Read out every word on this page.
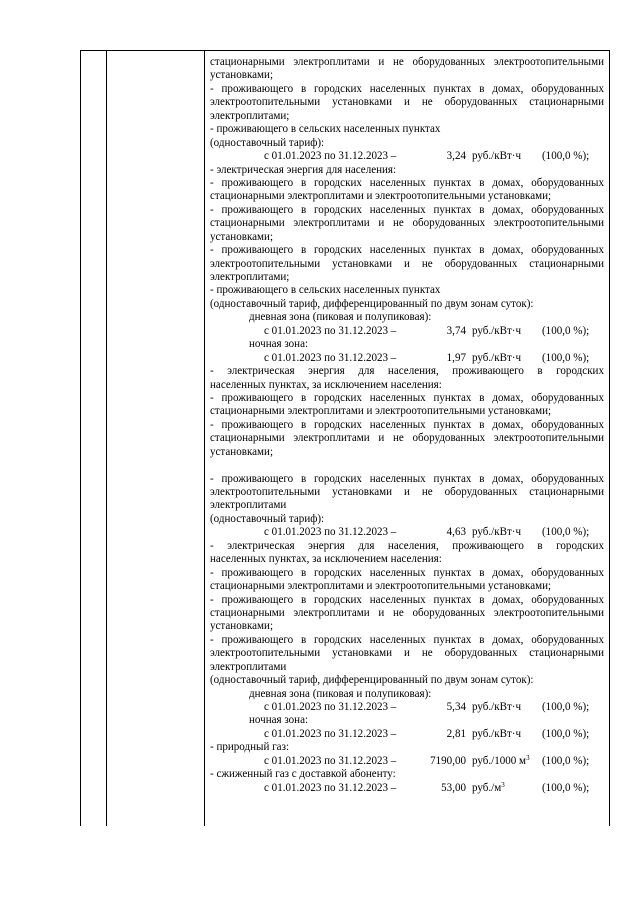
стационарными электроплитами и не оборудованных электроотопительными
установками;
- проживающего в городских населенных пунктах в домах, оборудованных
электроотопительными установками и не оборудованных стационарными
электроплитами;
- проживающего в сельских населенных пунктах
(одноставочный тариф):
с 01.01.2023 по 31.12.2023 –	3,24 руб./кВт·ч (100,0 %);
- электрическая энергия для населения:
- проживающего в городских населенных пунктах в домах, оборудованных
стационарными электроплитами и электроотопительными установками;
- проживающего в городских населенных пунктах в домах, оборудованных
стационарными электроплитами и не оборудованных электроотопительными
установками;
- проживающего в городских населенных пунктах в домах, оборудованных
электроотопительными установками и не оборудованных стационарными
электроплитами;
- проживающего в сельских населенных пунктах
(одноставочный тариф, дифференцированный по двум зонам суток):
дневная зона (пиковая и полупиковая):
с 01.01.2023 по 31.12.2023 –	3,74 руб./кВт·ч (100,0 %);
ночная зона:
с 01.01.2023 по 31.12.2023 –	1,97 руб./кВт·ч (100,0 %);
- электрическая энергия для населения, проживающего в городских
населенных пунктах, за исключением населения:
- проживающего в городских населенных пунктах в домах, оборудованных
стационарными электроплитами и электроотопительными установками;
- проживающего в городских населенных пунктах в домах, оборудованных
стационарными электроплитами и не оборудованных электроотопительными
установками;
- проживающего в городских населенных пунктах в домах, оборудованных
электроотопительными установками и не оборудованных стационарными
электроплитами
(одноставочный тариф):
с 01.01.2023 по 31.12.2023 –	4,63 руб./кВт·ч (100,0 %);
- электрическая энергия для населения, проживающего в городских
населенных пунктах, за исключением населения:
- проживающего в городских населенных пунктах в домах, оборудованных
стационарными электроплитами и электроотопительными установками;
- проживающего в городских населенных пунктах в домах, оборудованных
стационарными электроплитами и не оборудованных электроотопительными
установками;
- проживающего в городских населенных пунктах в домах, оборудованных
электроотопительными установками и не оборудованных стационарными
электроплитами
(одноставочный тариф, дифференцированный по двум зонам суток):
дневная зона (пиковая и полупиковая):
с 01.01.2023 по 31.12.2023 –	5,34 руб./кВт·ч (100,0 %);
ночная зона:
с 01.01.2023 по 31.12.2023 –	2,81 руб./кВт·ч (100,0 %);
- природный газ:
с 01.01.2023 по 31.12.2023 –	7190,00 руб./1000 $м^3$ (100,0 %);
- сжиженный газ с доставкой абоненту:
с 01.01.2023 по 31.12.2023 –	53,00 $руб./м^3$	(100,0 %);
